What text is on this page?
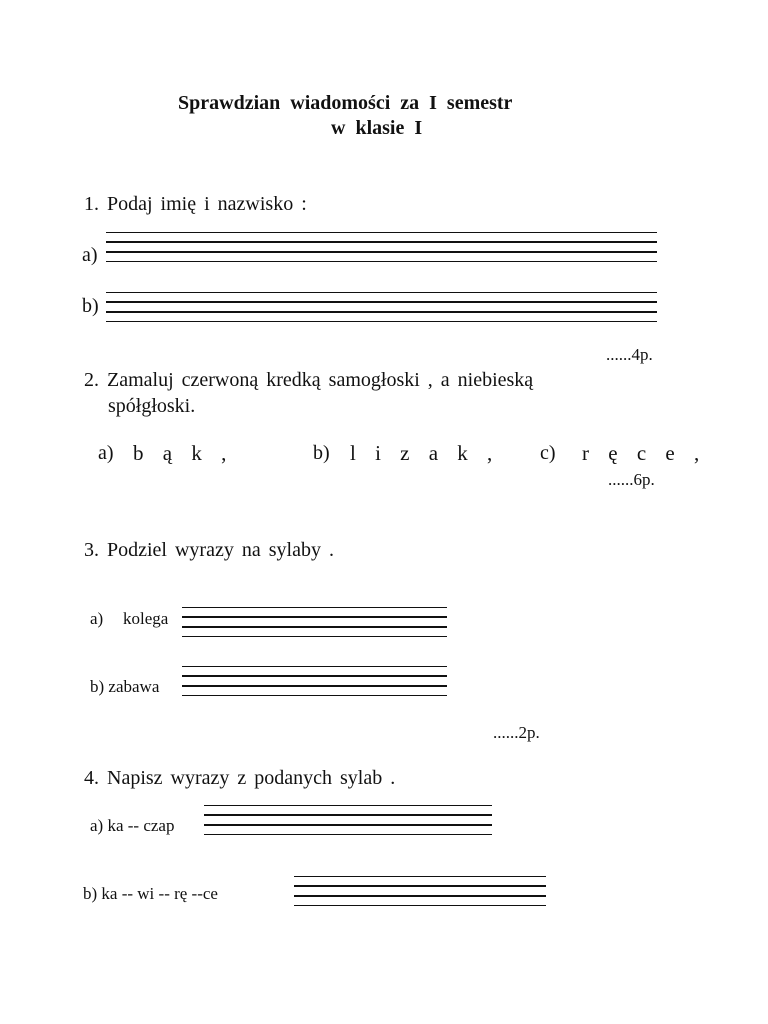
Sprawdzian wiadomości za I semestr
w klasie I
1. Podaj imię i nazwisko :
a)
b)
......4p.
2. Zamaluj czerwoną kredką samogłoski , a niebieską
spółgłoski.
a) b ą k ,	b) l i z a k , c) r ę c e ,
......6p.
3. Podziel wyrazy na sylaby .
a) kolega
b) zabawa
......2p.
4. Napisz wyrazy z podanych sylab .
a) ka -- czap
b) ka -- wi -- rę --ce
